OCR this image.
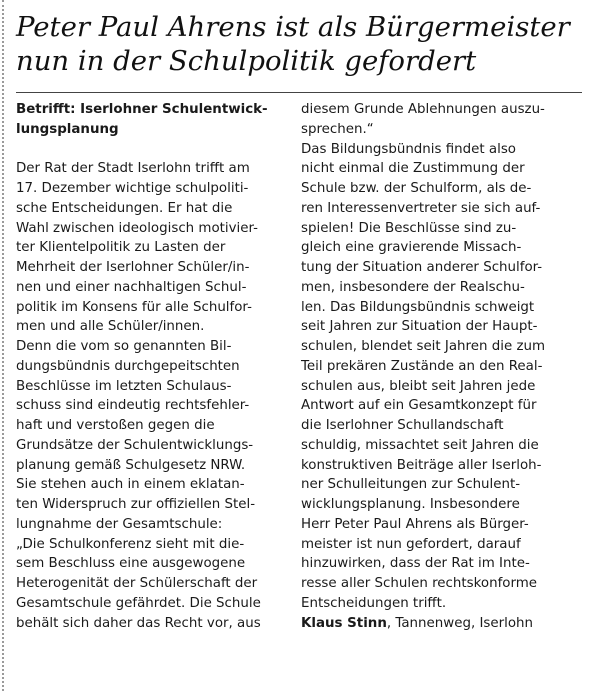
Peter Paul Ahrens ist als Bürgermeister
nun in der Schulpolitik gefordert
Betrifft: Iserlohner Schulentwick-
lungsplanung
Der Rat der Stadt Iserlohn trifft am
17. Dezember wichtige schulpoliti-
sche Entscheidungen. Er hat die
Wahl zwischen ideologisch motivier-
ter Klientelpolitik zu Lasten der
Mehrheit der Iserlohner Schüler/in-
nen und einer nachhaltigen Schul-
politik im Konsens für alle Schulfor-
men und alle Schüler/innen.
Denn die vom so genannten Bil-
dungsbündnis durchgepeitschten
Beschlüsse im letzten Schulaus-
schuss sind eindeutig rechtsfehler-
haft und verstoßen gegen die
Grundsätze der Schulentwicklungs-
planung gemäß Schulgesetz NRW.
Sie stehen auch in einem eklatan-
ten Widerspruch zur offiziellen Stel-
lungnahme der Gesamtschule:
„Die Schulkonferenz sieht mit die-
sem Beschluss eine ausgewogene
Heterogenität der Schülerschaft der
Gesamtschule gefährdet. Die Schule
behält sich daher das Recht vor, aus
diesem Grunde Ablehnungen auszu-
sprechen.“
Das Bildungsbündnis findet also
nicht einmal die Zustimmung der
Schule bzw. der Schulform, als de-
ren Interessenvertreter sie sich auf-
spielen! Die Beschlüsse sind zu-
gleich eine gravierende Missach-
tung der Situation anderer Schulfor-
men, insbesondere der Realschu-
len. Das Bildungsbündnis schweigt
seit Jahren zur Situation der Haupt-
schulen, blendet seit Jahren die zum
Teil prekären Zustände an den Real-
schulen aus, bleibt seit Jahren jede
Antwort auf ein Gesamtkonzept für
die Iserlohner Schullandschaft
schuldig, missachtet seit Jahren die
konstruktiven Beiträge aller Iserloh-
ner Schulleitungen zur Schulent-
wicklungsplanung. Insbesondere
Herr Peter Paul Ahrens als Bürger-
meister ist nun gefordert, darauf
hinzuwirken, dass der Rat im Inte-
resse aller Schulen rechtskonforme
Entscheidungen trifft.
Klaus Stinn, Tannenweg, Iserlohn
